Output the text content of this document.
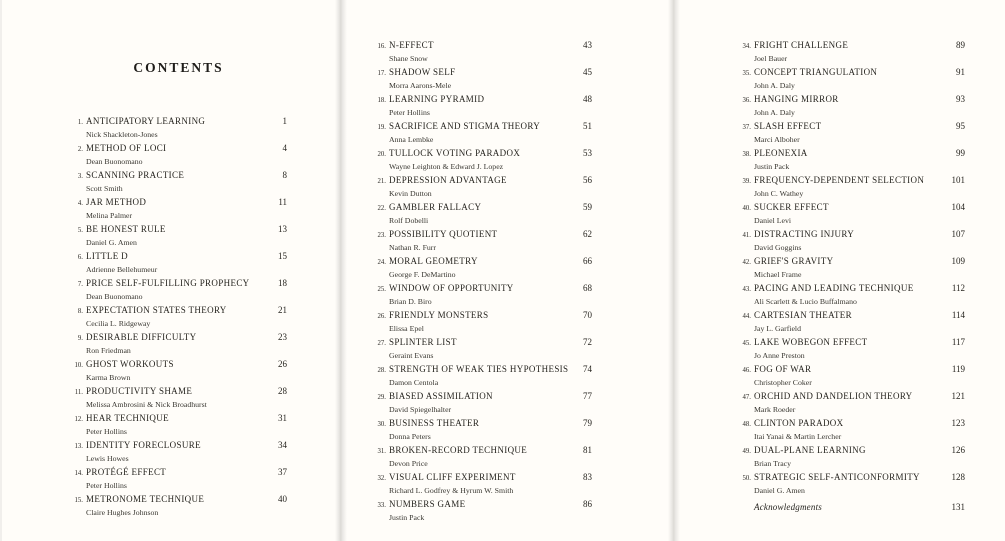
CONTENTS
1. ANTICIPATORY LEARNING	1
Nick Shackleton-Jones
2. METHOD OF LOCI	4
Dean Buonomano
3. SCANNING PRACTICE	8
Scott Smith
4. JAR METHOD	11
Melina Palmer
5. BE HONEST RULE	13
Daniel G. Amen
6. LITTLE D	15
Adrienne Bellehumeur
7. PRICE SELF-FULFILLING PROPHECY	18
Dean Buonomano
8. EXPECTATION STATES THEORY	21
Cecilia L. Ridgeway
9. DESIRABLE DIFFICULTY	23
Ron Friedman
10. GHOST WORKOUTS	26
Karma Brown
11. PRODUCTIVITY SHAME	28
Melissa Ambrosini & Nick Broadhurst
12. HEAR TECHNIQUE	31
Peter Hollins
13. IDENTITY FORECLOSURE	34
Lewis Howes
14. PROTÉGÉ EFFECT	37
Peter Hollins
15. METRONOME TECHNIQUE	40
Claire Hughes Johnson
16. N-EFFECT	43
Shane Snow
17. SHADOW SELF	45
Morra Aarons-Mele
18. LEARNING PYRAMID	48
Peter Hollins
19. SACRIFICE AND STIGMA THEORY	51
Anna Lembke
20. TULLOCK VOTING PARADOX	53
Wayne Leighton & Edward J. Lopez
21. DEPRESSION ADVANTAGE	56
Kevin Dutton
22. GAMBLER FALLACY	59
Rolf Dobelli
23. POSSIBILITY QUOTIENT	62
Nathan R. Furr
24. MORAL GEOMETRY	66
George F. DeMartino
25. WINDOW OF OPPORTUNITY	68
Brian D. Biro
26. FRIENDLY MONSTERS	70
Elissa Epel
27. SPLINTER LIST	72
Geraint Evans
28. STRENGTH OF WEAK TIES HYPOTHESIS	74
Damon Centola
29. BIASED ASSIMILATION	77
David Spiegelhalter
30. BUSINESS THEATER	79
Donna Peters
31. BROKEN-RECORD TECHNIQUE	81
Devon Price
32. VISUAL CLIFF EXPERIMENT	83
Richard L. Godfrey & Hyrum W. Smith
33. NUMBERS GAME	86
Justin Pack
34. FRIGHT CHALLENGE	89
Joel Bauer
35. CONCEPT TRIANGULATION	91
John A. Daly
36. HANGING MIRROR	93
John A. Daly
37. SLASH EFFECT	95
Marci Alboher
38. PLEONEXIA	99
Justin Pack
39. FREQUENCY-DEPENDENT SELECTION	101
John C. Wathey
40. SUCKER EFFECT	104
Daniel Levi
41. DISTRACTING INJURY	107
David Goggins
42. GRIEF'S GRAVITY	109
Michael Frame
43. PACING AND LEADING TECHNIQUE	112
Ali Scarlett & Lucio Buffalmano
44. CARTESIAN THEATER	114
Jay L. Garfield
45. LAKE WOBEGON EFFECT	117
Jo Anne Preston
46. FOG OF WAR	119
Christopher Coker
47. ORCHID AND DANDELION THEORY	121
Mark Roeder
48. CLINTON PARADOX	123
Itai Yanai & Martin Lercher
49. DUAL-PLANE LEARNING	126
Brian Tracy
50. STRATEGIC SELF-ANTICONFORMITY	128
Daniel G. Amen
Acknowledgments	131
